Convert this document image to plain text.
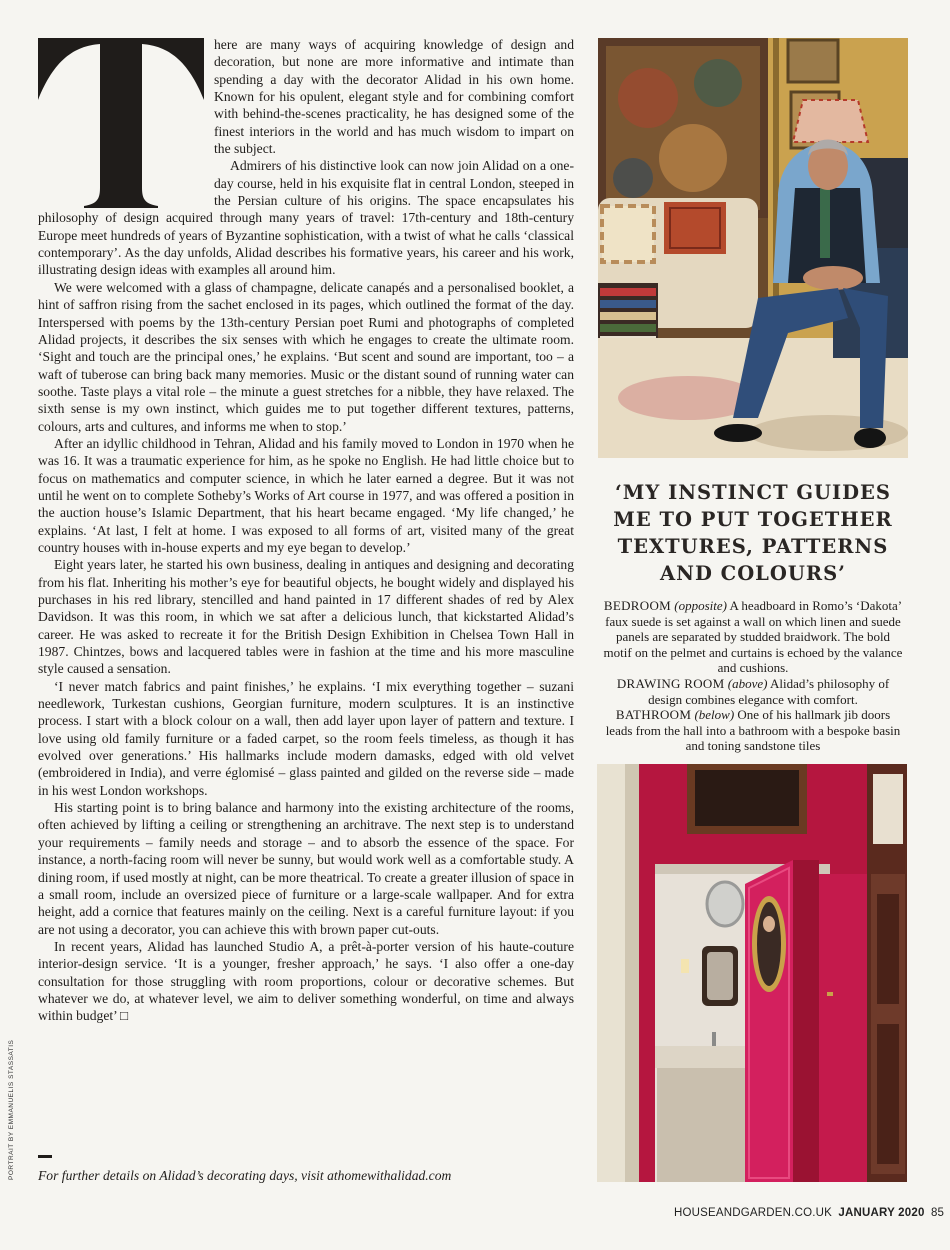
here are many ways of acquiring knowledge of design and decoration, but none are more informative and intimate than spending a day with the decorator Alidad in his own home. Known for his opulent, elegant style and for combining comfort with behind-the-scenes practicality, he has designed some of the finest interiors in the world and has much wisdom to impart on the subject.

Admirers of his distinctive look can now join Alidad on a one-day course, held in his exquisite flat in central London, steeped in the Persian culture of his origins. The space encapsulates his philosophy of design acquired through many years of travel: 17th-century and 18th-century Europe meet hundreds of years of Byzantine sophistication, with a twist of what he calls ‘classical contemporary’. As the day unfolds, Alidad describes his formative years, his career and his work, illustrating design ideas with examples all around him.

We were welcomed with a glass of champagne, delicate canapés and a personalised booklet, a hint of saffron rising from the sachet enclosed in its pages, which outlined the format of the day. Interspersed with poems by the 13th-century Persian poet Rumi and photographs of completed Alidad projects, it describes the six senses with which he engages to create the ultimate room. ‘Sight and touch are the principal ones,’ he explains. ‘But scent and sound are important, too – a waft of tuberose can bring back many memories. Music or the distant sound of running water can soothe. Taste plays a vital role – the minute a guest stretches for a nibble, they have relaxed. The sixth sense is my own instinct, which guides me to put together different textures, patterns, colours, arts and cultures, and informs me when to stop.’

After an idyllic childhood in Tehran, Alidad and his family moved to London in 1970 when he was 16. It was a traumatic experience for him, as he spoke no English. He had little choice but to focus on mathematics and computer science, in which he later earned a degree. But it was not until he went on to complete Sotheby’s Works of Art course in 1977, and was offered a position in the auction house’s Islamic Department, that his heart became engaged. ‘My life changed,’ he explains. ‘At last, I felt at home. I was exposed to all forms of art, visited many of the great country houses with in-house experts and my eye began to develop.’

Eight years later, he started his own business, dealing in antiques and designing and decorating from his flat. Inheriting his mother’s eye for beautiful objects, he bought widely and displayed his purchases in his red library, stencilled and hand painted in 17 different shades of red by Alex Davidson. It was this room, in which we sat after a delicious lunch, that kickstarted Alidad’s career. He was asked to recreate it for the British Design Exhibition in Chelsea Town Hall in 1987. Chintzes, bows and lacquered tables were in fashion at the time and his more masculine style caused a sensation.

‘I never match fabrics and paint finishes,’ he explains. ‘I mix everything together – suzani needlework, Turkestan cushions, Georgian furniture, modern sculptures. It is an instinctive process. I start with a block colour on a wall, then add layer upon layer of pattern and texture. I love using old family furniture or a faded carpet, so the room feels timeless, as though it has evolved over generations.’ His hallmarks include modern damasks, edged with old velvet (embroidered in India), and verre églomisé – glass painted and gilded on the reverse side – made in his west London workshops.

His starting point is to bring balance and harmony into the existing architecture of the rooms, often achieved by lifting a ceiling or strengthening an architrave. The next step is to understand your requirements – family needs and storage – and to absorb the essence of the space. For instance, a north-facing room will never be sunny, but would work well as a comfortable study. A dining room, if used mostly at night, can be more theatrical. To create a greater illusion of space in a small room, include an oversized piece of furniture or a large-scale wallpaper. And for extra height, add a cornice that features mainly on the ceiling. Next is a careful furniture layout: if you are not using a decorator, you can achieve this with brown paper cut-outs.

In recent years, Alidad has launched Studio A, a prêt-à-porter version of his haute-couture interior-design service. ‘It is a younger, fresher approach,’ he says. ‘I also offer a one-day consultation for those struggling with room proportions, colour or decorative schemes. But whatever we do, at whatever level, we aim to deliver something wonderful, on time and always within budget’ □

For further details on Alidad’s decorating days, visit athomewithalidad.com
PORTRAIT BY EMMANUELIS STASSATIS
‘MY INSTINCT GUIDES ME TO PUT TOGETHER TEXTURES, PATTERNS AND COLOURS’

BEDROOM (opposite) A headboard in Romo’s ‘Dakota’ faux suede is set against a wall on which linen and suede panels are separated by studded braidwork. The bold motif on the pelmet and curtains is echoed by the valance and cushions.

DRAWING ROOM (above) Alidad’s philosophy of design combines elegance with comfort.

BATHROOM (below) One of his hallmark jib doors leads from the hall into a bathroom with a bespoke basin and toning sandstone tiles

HOUSEANDGARDEN.CO.UK JANUARY 2020 85
